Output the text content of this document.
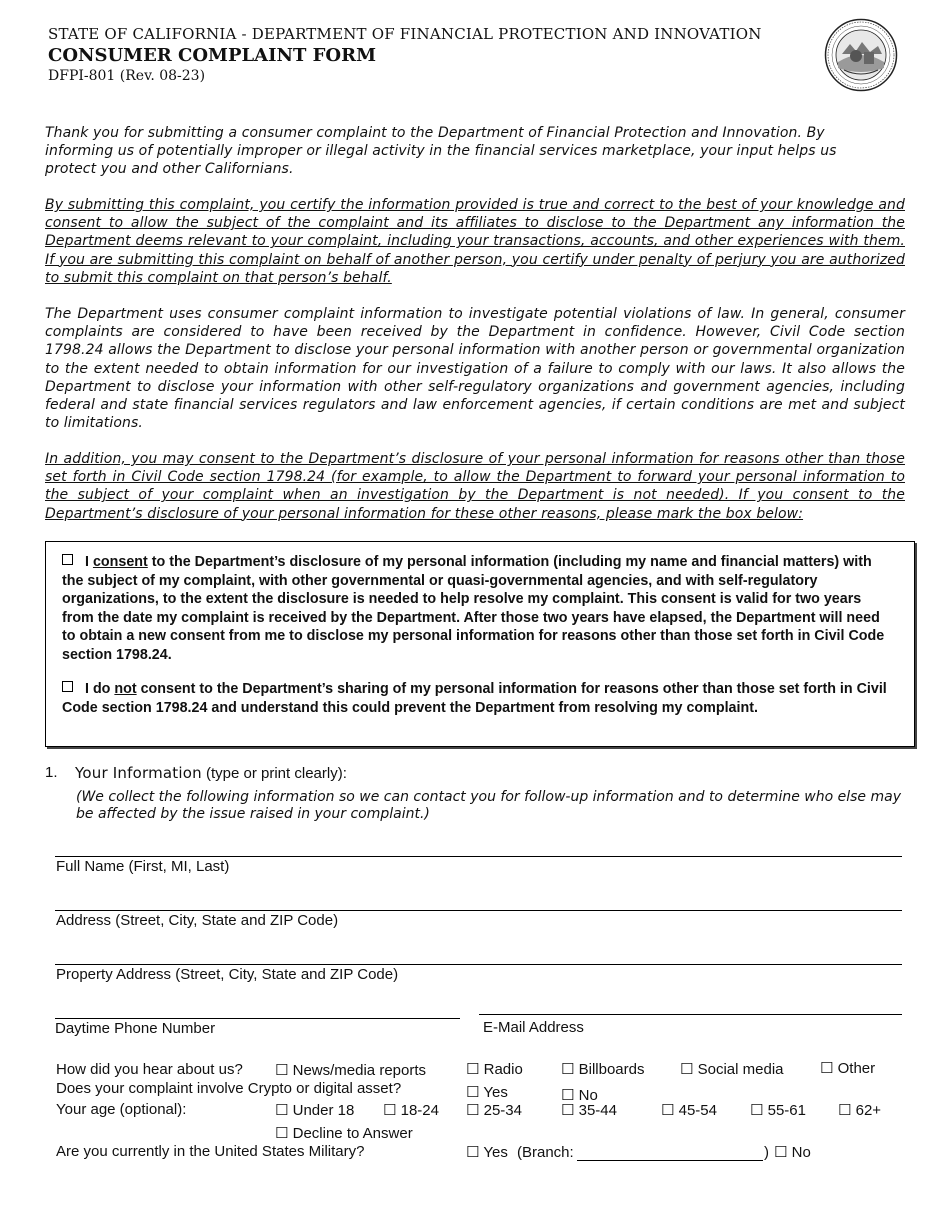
STATE OF CALIFORNIA - DEPARTMENT OF FINANCIAL PROTECTION AND INNOVATION
CONSUMER COMPLAINT FORM
DFPI-801 (Rev. 08-23)
Thank you for submitting a consumer complaint to the Department of Financial Protection and Innovation. By informing us of potentially improper or illegal activity in the financial services marketplace, your input helps us protect you and other Californians.
By submitting this complaint, you certify the information provided is true and correct to the best of your knowledge and consent to allow the subject of the complaint and its affiliates to disclose to the Department any information the Department deems relevant to your complaint, including your transactions, accounts, and other experiences with them. If you are submitting this complaint on behalf of another person, you certify under penalty of perjury you are authorized to submit this complaint on that person’s behalf.
The Department uses consumer complaint information to investigate potential violations of law. In general, consumer complaints are considered to have been received by the Department in confidence. However, Civil Code section 1798.24 allows the Department to disclose your personal information with another person or governmental organization to the extent needed to obtain information for our investigation of a failure to comply with our laws. It also allows the Department to disclose your information with other self-regulatory organizations and government agencies, including federal and state financial services regulators and law enforcement agencies, if certain conditions are met and subject to limitations.
In addition, you may consent to the Department’s disclosure of your personal information for reasons other than those set forth in Civil Code section 1798.24 (for example, to allow the Department to forward your personal information to the subject of your complaint when an investigation by the Department is not needed). If you consent to the Department’s disclosure of your personal information for these other reasons, please mark the box below:
I consent to the Department’s disclosure of my personal information (including my name and financial matters) with the subject of my complaint, with other governmental or quasi-governmental agencies, and with self-regulatory organizations, to the extent the disclosure is needed to help resolve my complaint. This consent is valid for two years from the date my complaint is received by the Department. After those two years have elapsed, the Department will need to obtain a new consent from me to disclose my personal information for reasons other than those set forth in Civil Code section 1798.24.
I do not consent to the Department’s sharing of my personal information for reasons other than those set forth in Civil Code section 1798.24 and understand this could prevent the Department from resolving my complaint.
1. Your Information (type or print clearly):
(We collect the following information so we can contact you for follow-up information and to determine who else may be affected by the issue raised in your complaint.)
Full Name (First, MI, Last)
Address (Street, City, State and ZIP Code)
Property Address (Street, City, State and ZIP Code)
Daytime Phone Number	E-Mail Address
How did you hear about us? ☐ News/media reports	☐ Radio	☐ Billboards ☐ Social media ☐ Other
Does your complaint involve Crypto or digital asset?	☐ Yes	☐ No
Your age (optional):	☐ Under 18 ☐ 18-24 ☐ 25-34	☐ 35-44	☐ 45-54 ☐ 55-61 ☐ 62+
☐ Decline to Answer
Are you currently in the United States Military?	☐ Yes (Branch:	) ☐ No
